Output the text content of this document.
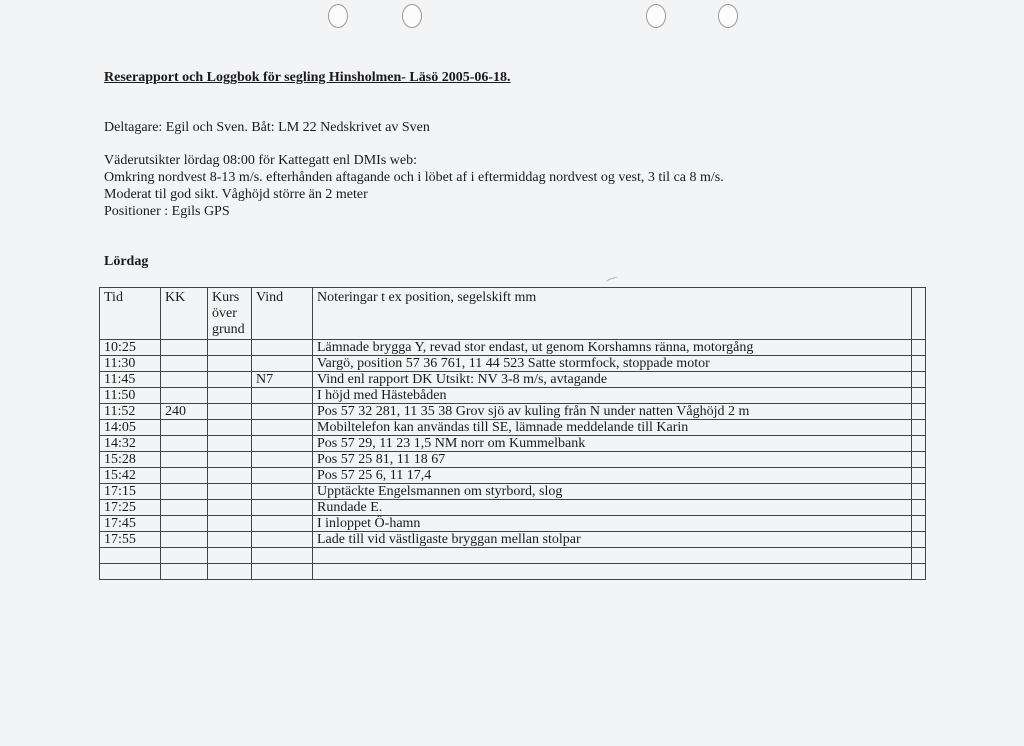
Reserapport och Loggbok för segling Hinsholmen- Läsö 2005-06-18.
Deltagare: Egil och Sven. Båt: LM 22 Nedskrivet av Sven
Väderutsikter lördag 08:00 för Kattegatt enl DMIs web:
Omkring nordvest 8-13 m/s. efterhånden aftagande och i löbet af i eftermiddag nordvest og vest, 3 til ca 8 m/s.
Moderat til god sikt. Våghöjd större än 2 meter
Positioner : Egils GPS
Lördag
Tid	KK	Kurs
över
grund	Vind	Noteringar t ex position, segelskift mm	
10:25				Lämnade brygga Y, revad stor endast, ut genom Korshamns ränna, motorgång	
11:30				Vargö, position 57 36 761, 11 44 523 Satte stormfock, stoppade motor	
11:45			N7	Vind enl rapport DK Utsikt: NV 3-8 m/s, avtagande	
11:50				I höjd med Hästebåden	
11:52	240			Pos 57 32 281, 11 35 38 Grov sjö av kuling från N under natten Våghöjd 2 m	
14:05				Mobiltelefon kan användas till SE, lämnade meddelande till Karin	
14:32				Pos 57 29, 11 23 1,5 NM norr om Kummelbank	
15:28				Pos 57 25 81, 11 18 67	
15:42				Pos 57 25 6, 11 17,4	
17:15				Upptäckte Engelsmannen om styrbord, slog	
17:25				Rundade E.	
17:45				I inloppet Ö-hamn	
17:55				Lade till vid västligaste bryggan mellan stolpar	
